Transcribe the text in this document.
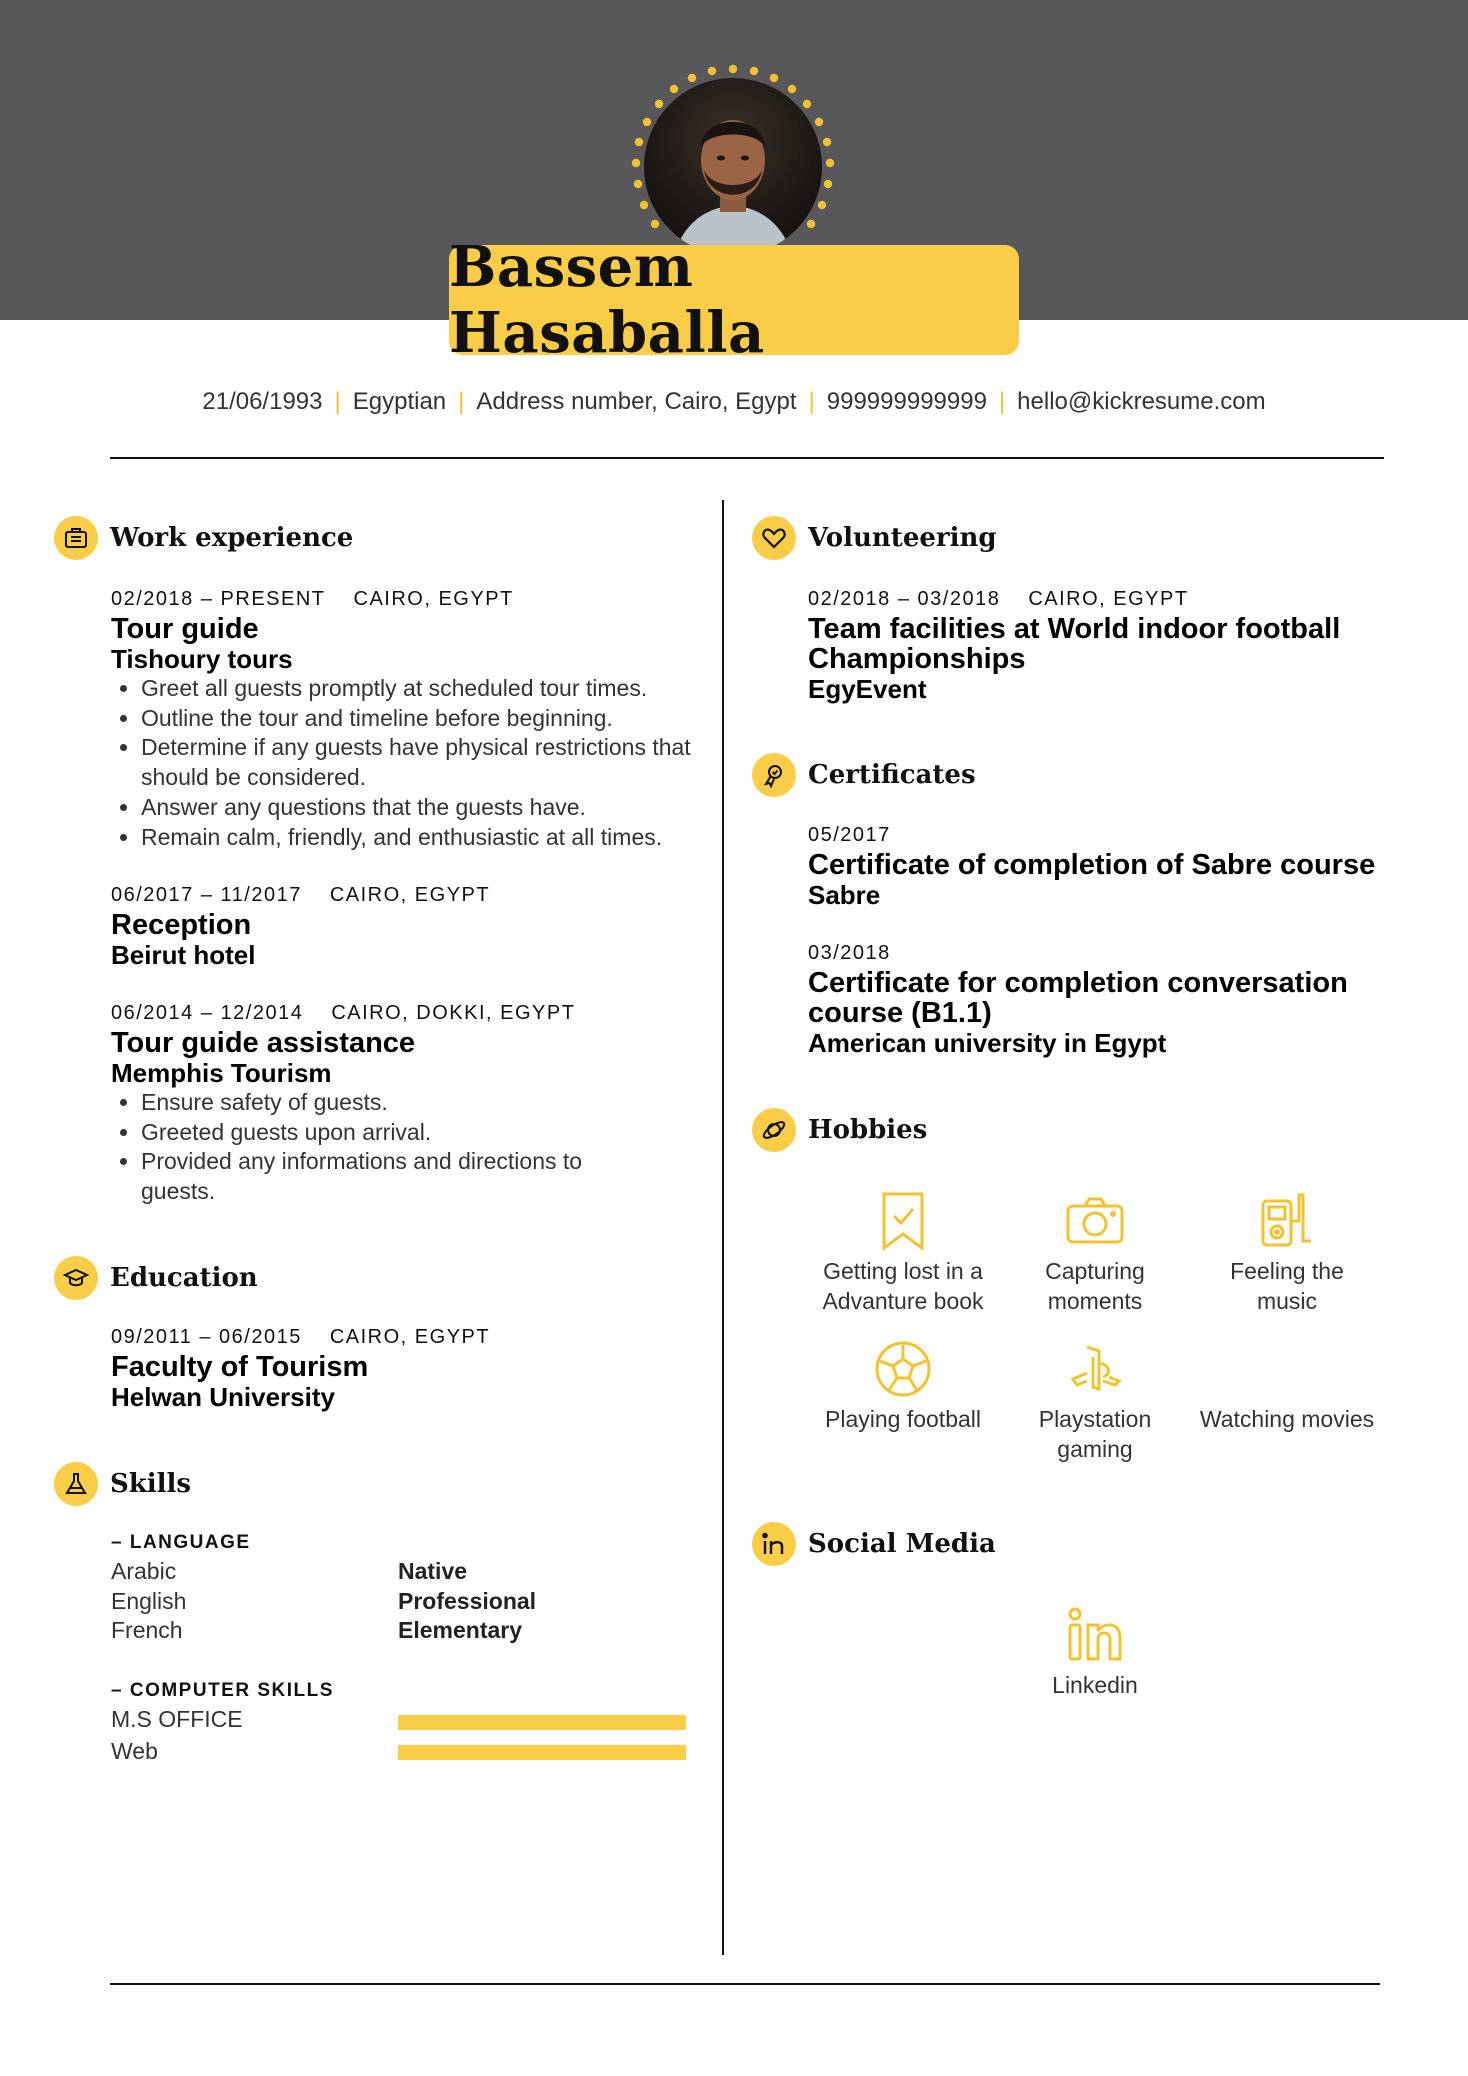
Bassem Hasaballa
21/06/1993 | Egyptian | Address number, Cairo, Egypt | 999999999999 | hello@kickresume.com
Work experience
02/2018 – PRESENT CAIRO, EGYPT
Tour guide
Tishoury tours
• Greet all guests promptly at scheduled tour times.
• Outline the tour and timeline before beginning.
• Determine if any guests have physical restrictions that should be considered.
• Answer any questions that the guests have.
• Remain calm, friendly, and enthusiastic at all times.
06/2017 – 11/2017 CAIRO, EGYPT
Reception
Beirut hotel
06/2014 – 12/2014 CAIRO, DOKKI, EGYPT
Tour guide assistance
Memphis Tourism
• Ensure safety of guests.
• Greeted guests upon arrival.
• Provided any informations and directions to guests.
Education
09/2011 – 06/2015 CAIRO, EGYPT
Faculty of Tourism
Helwan University
Skills
– LANGUAGE
Arabic	Native
English	Professional
French	Elementary
– COMPUTER SKILLS
M.S OFFICE
Web
Volunteering
02/2018 – 03/2018 CAIRO, EGYPT
Team facilities at World indoor football Championships
EgyEvent
Certificates
05/2017
Certificate of completion of Sabre course
Sabre
03/2018
Certificate for completion conversation course (B1.1)
American university in Egypt
Hobbies
Getting lost in a Advanture book
Capturing moments
Feeling the music
Playing football	Playstation gaming
Watching movies
Social Media
Linkedin
